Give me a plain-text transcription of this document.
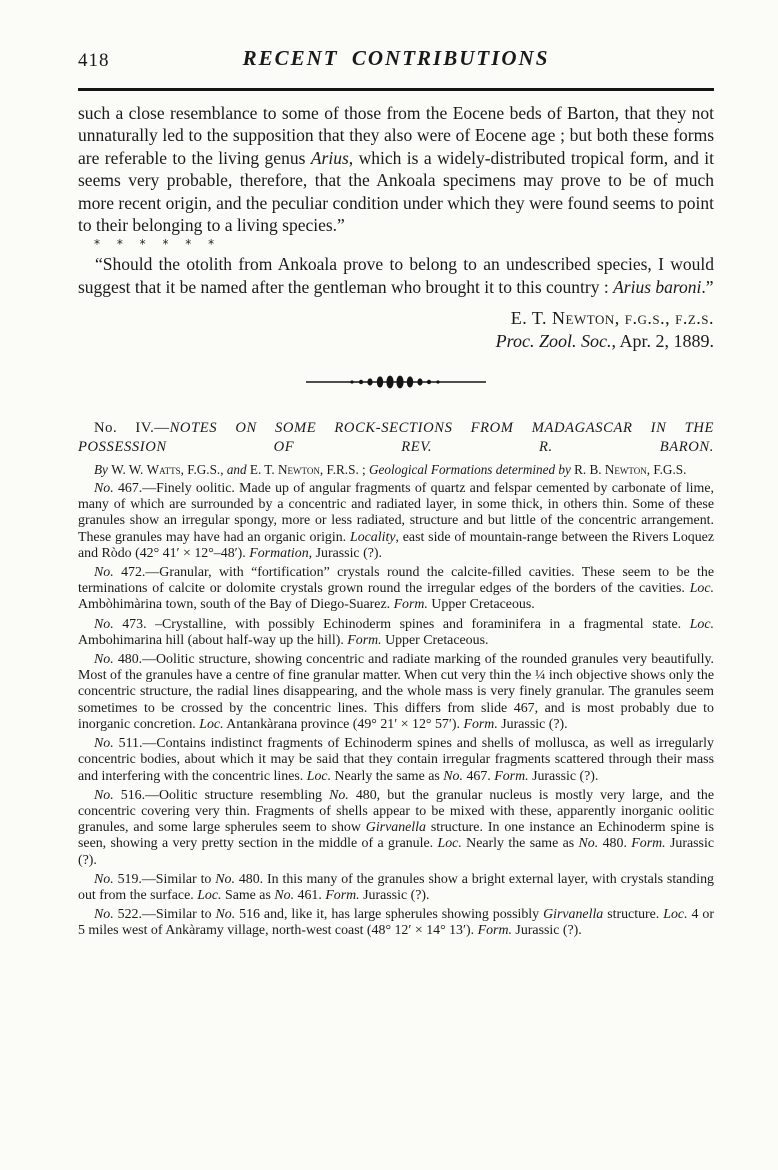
418	RECENT CONTRIBUTIONS

such a close resemblance to some of those from the Eocene beds of Barton, that they not unnaturally led to the supposition that they also were of Eocene age ; but both these forms are referable to the living genus Arius, which is a widely-distributed tropical form, and it seems very probable, therefore, that the Ankoala specimens may prove to be of much more recent origin, and the peculiar condition under which they were found seems to point to their belonging to a living species.”

* * * * * *

“Should the otolith from Ankoala prove to belong to an undescribed species, I would suggest that it be named after the gentleman who brought it to this country : Arius baroni.”

E. T. Newton, f.g.s., f.z.s.
Proc. Zool. Soc., Apr. 2, 1889.
No. IV.—NOTES ON SOME ROCK-SECTIONS FROM MADAGASCAR IN THE POSSESSION OF REV. R. BARON.

By W. W. Watts, F.G.S., and E. T. Newton, F.R.S. ; Geological Formations determined by R. B. Newton, F.G.S.

No. 467.—Finely oolitic. Made up of angular fragments of quartz and felspar cemented by carbonate of lime, many of which are surrounded by a concentric and radiated layer, in some thick, in others thin. Some of these granules show an irregular spongy, more or less radiated, structure and but little of the concentric arrangement. These granules may have had an organic origin. Locality, east side of mountain-range between the Rivers Loquez and Ròdo (42° 41′ × 12°–48′). Formation, Jurassic (?).

No. 472.—Granular, with “fortification” crystals round the calcite-filled cavities. These seem to be the terminations of calcite or dolomite crystals grown round the irregular edges of the borders of the cavities. Loc. Ambòhimàrina town, south of the Bay of Diego-Suarez. Form. Upper Cretaceous.

No. 473. –Crystalline, with possibly Echinoderm spines and foraminifera in a fragmental state. Loc. Ambohimarina hill (about half-way up the hill). Form. Upper Cretaceous.

No. 480.—Oolitic structure, showing concentric and radiate marking of the rounded granules very beautifully. Most of the granules have a centre of fine granular matter. When cut very thin the ¼ inch objective shows only the concentric structure, the radial lines disappearing, and the whole mass is very finely granular. The granules seem sometimes to be crossed by the concentric lines. This differs from slide 467, and is most probably due to inorganic concretion. Loc. Antankàrana province (49° 21′ × 12° 57′). Form. Jurassic (?).

No. 511.—Contains indistinct fragments of Echinoderm spines and shells of mollusca, as well as irregularly concentric bodies, about which it may be said that they contain irregular fragments scattered through their mass and interfering with the concentric lines. Loc. Nearly the same as No. 467. Form. Jurassic (?).

No. 516.—Oolitic structure resembling No. 480, but the granular nucleus is mostly very large, and the concentric covering very thin. Fragments of shells appear to be mixed with these, apparently inorganic oolitic granules, and some large spherules seem to show Girvanella structure. In one instance an Echinoderm spine is seen, showing a very pretty section in the middle of a granule. Loc. Nearly the same as No. 480. Form. Jurassic (?).

No. 519.—Similar to No. 480. In this many of the granules show a bright external layer, with crystals standing out from the surface. Loc. Same as No. 461. Form. Jurassic (?).

No. 522.—Similar to No. 516 and, like it, has large spherules showing possibly Girvanella structure. Loc. 4 or 5 miles west of Ankàramy village, north-west coast (48° 12′ × 14° 13′). Form. Jurassic (?).
